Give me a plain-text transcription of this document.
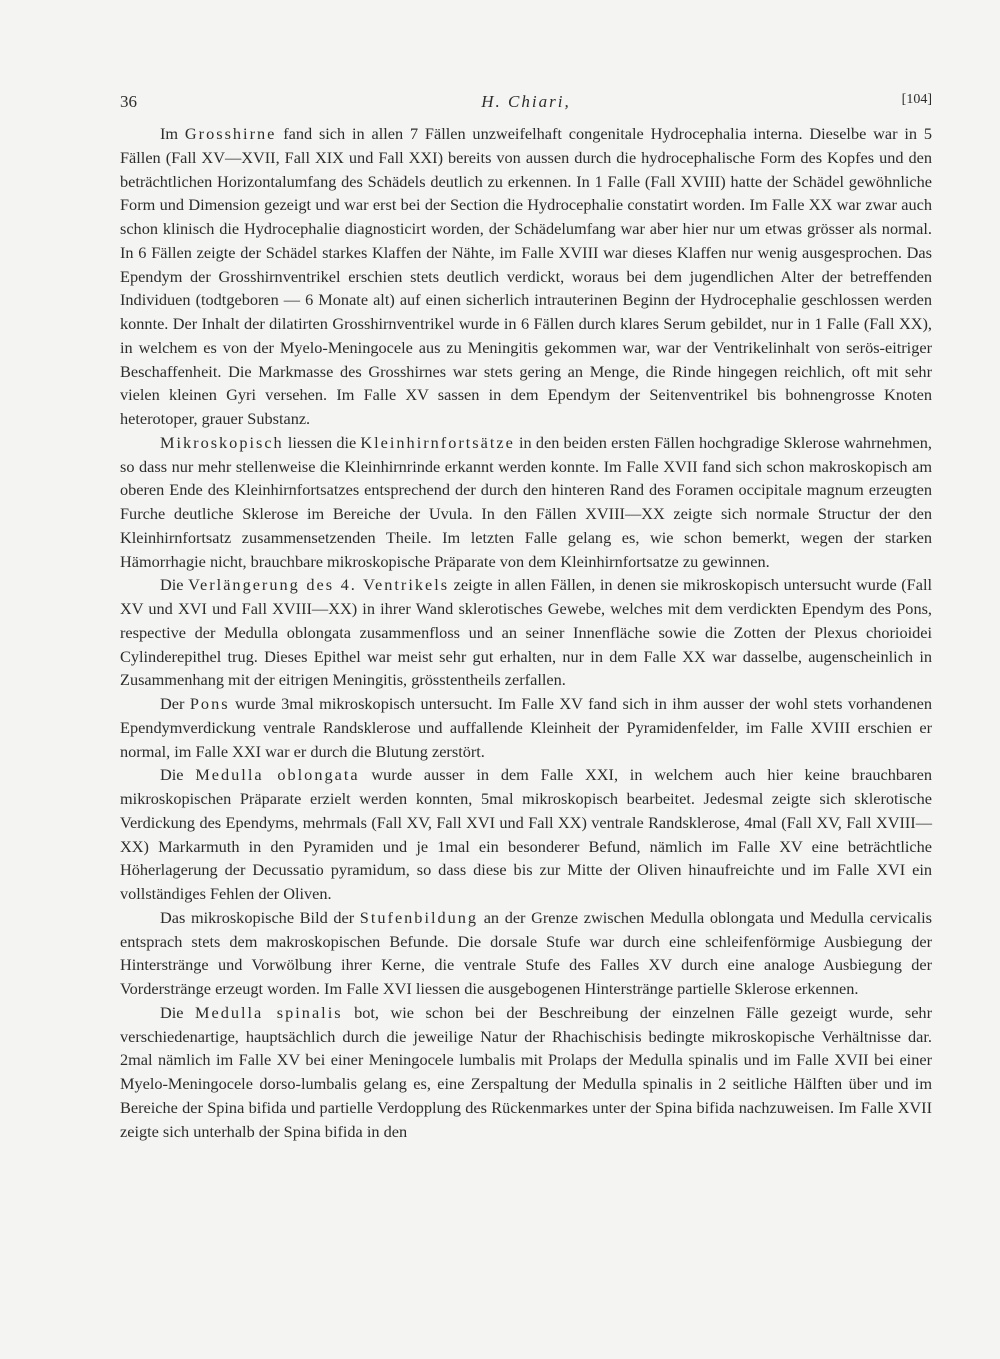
36	H. Chiari,	[104]

Im Grosshirne fand sich in allen 7 Fällen unzweifelhaft congenitale Hydrocephalia interna. Dieselbe war in 5 Fällen (Fall XV—XVII, Fall XIX und Fall XXI) bereits von aussen durch die hydrocephalische Form des Kopfes und den beträchtlichen Horizontalumfang des Schädels deutlich zu erkennen. In 1 Falle (Fall XVIII) hatte der Schädel gewöhnliche Form und Dimension gezeigt und war erst bei der Section die Hydrocephalie constatirt worden. Im Falle XX war zwar auch schon klinisch die Hydrocephalie diagnosticirt worden, der Schädelumfang war aber hier nur um etwas grösser als normal. In 6 Fällen zeigte der Schädel starkes Klaffen der Nähte, im Falle XVIII war dieses Klaffen nur wenig ausgesprochen. Das Ependym der Grosshirnventrikel erschien stets deutlich verdickt, woraus bei dem jugendlichen Alter der betreffenden Individuen (todtgeboren — 6 Monate alt) auf einen sicherlich intrauterinen Beginn der Hydrocephalie geschlossen werden konnte. Der Inhalt der dilatirten Grosshirnventrikel wurde in 6 Fällen durch klares Serum gebildet, nur in 1 Falle (Fall XX), in welchem es von der Myelo-Meningocele aus zu Meningitis gekommen war, war der Ventrikelinhalt von serös-eitriger Beschaffenheit. Die Markmasse des Grosshirnes war stets gering an Menge, die Rinde hingegen reichlich, oft mit sehr vielen kleinen Gyri versehen. Im Falle XV sassen in dem Ependym der Seitenventrikel bis bohnengrosse Knoten heterotoper, grauer Substanz.

Mikroskopisch liessen die Kleinhirnfortsätze in den beiden ersten Fällen hochgradige Sklerose wahrnehmen, so dass nur mehr stellenweise die Kleinhirnrinde erkannt werden konnte. Im Falle XVII fand sich schon makroskopisch am oberen Ende des Kleinhirnfortsatzes entsprechend der durch den hinteren Rand des Foramen occipitale magnum erzeugten Furche deutliche Sklerose im Bereiche der Uvula. In den Fällen XVIII—XX zeigte sich normale Structur der den Kleinhirnfortsatz zusammensetzenden Theile. Im letzten Falle gelang es, wie schon bemerkt, wegen der starken Hämorrhagie nicht, brauchbare mikroskopische Präparate von dem Kleinhirnfortsatze zu gewinnen.

Die Verlängerung des 4. Ventrikels zeigte in allen Fällen, in denen sie mikroskopisch untersucht wurde (Fall XV und XVI und Fall XVIII—XX) in ihrer Wand sklerotisches Gewebe, welches mit dem verdickten Ependym des Pons, respective der Medulla oblongata zusammenfloss und an seiner Innenfläche sowie die Zotten der Plexus chorioidei Cylinderepithel trug. Dieses Epithel war meist sehr gut erhalten, nur in dem Falle XX war dasselbe, augenscheinlich in Zusammenhang mit der eitrigen Meningitis, grösstentheils zerfallen.

Der Pons wurde 3mal mikroskopisch untersucht. Im Falle XV fand sich in ihm ausser der wohl stets vorhandenen Ependymverdickung ventrale Randsklerose und auffallende Kleinheit der Pyramidenfelder, im Falle XVIII erschien er normal, im Falle XXI war er durch die Blutung zerstört.

Die Medulla oblongata wurde ausser in dem Falle XXI, in welchem auch hier keine brauchbaren mikroskopischen Präparate erzielt werden konnten, 5mal mikroskopisch bearbeitet. Jedesmal zeigte sich sklerotische Verdickung des Ependyms, mehrmals (Fall XV, Fall XVI und Fall XX) ventrale Randsklerose, 4mal (Fall XV, Fall XVIII—XX) Markarmuth in den Pyramiden und je 1mal ein besonderer Befund, nämlich im Falle XV eine beträchtliche Höherlagerung der Decussatio pyramidum, so dass diese bis zur Mitte der Oliven hinaufreichte und im Falle XVI ein vollständiges Fehlen der Oliven.

Das mikroskopische Bild der Stufenbildung an der Grenze zwischen Medulla oblongata und Medulla cervicalis entsprach stets dem makroskopischen Befunde. Die dorsale Stufe war durch eine schleifenförmige Ausbiegung der Hinterstränge und Vorwölbung ihrer Kerne, die ventrale Stufe des Falles XV durch eine analoge Ausbiegung der Vorderstränge erzeugt worden. Im Falle XVI liessen die ausgebogenen Hinterstränge partielle Sklerose erkennen.

Die Medulla spinalis bot, wie schon bei der Beschreibung der einzelnen Fälle gezeigt wurde, sehr verschiedenartige, hauptsächlich durch die jeweilige Natur der Rhachischisis bedingte mikroskopische Verhältnisse dar. 2mal nämlich im Falle XV bei einer Meningocele lumbalis mit Prolaps der Medulla spinalis und im Falle XVII bei einer Myelo-Meningocele dorso-lumbalis gelang es, eine Zerspaltung der Medulla spinalis in 2 seitliche Hälften über und im Bereiche der Spina bifida und partielle Verdopplung des Rückenmarkes unter der Spina bifida nachzuweisen. Im Falle XVII zeigte sich unterhalb der Spina bifida in den
